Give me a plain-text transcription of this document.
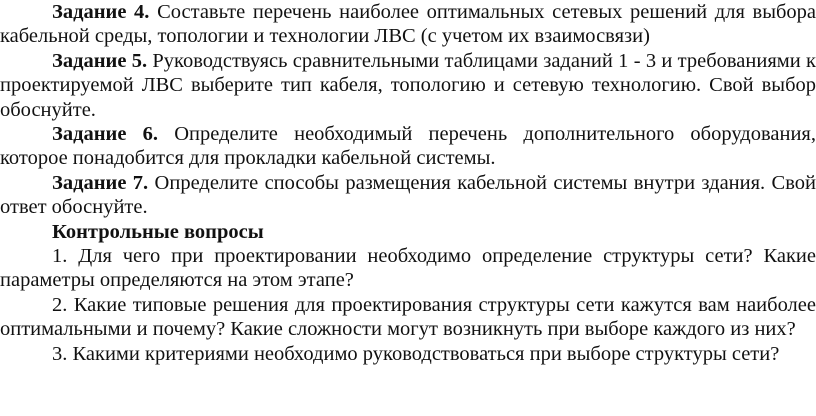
Задание 4. Составьте перечень наиболее оптимальных сетевых решений для выбора кабельной среды, топологии и технологии ЛВС (с учетом их взаимосвязи)

Задание 5. Руководствуясь сравнительными таблицами заданий 1 - 3 и требованиями к проектируемой ЛВС выберите тип кабеля, топологию и сетевую технологию. Свой выбор обоснуйте.

Задание 6. Определите необходимый перечень дополнительного оборудования, которое понадобится для прокладки кабельной системы.

Задание 7. Определите способы размещения кабельной системы внутри здания. Свой ответ обоснуйте.

Контрольные вопросы

1. Для чего при проектировании необходимо определение структуры сети? Какие параметры определяются на этом этапе?

2. Какие типовые решения для проектирования структуры сети кажутся вам наиболее оптимальными и почему? Какие сложности могут возникнуть при выборе каждого из них?

3. Какими критериями необходимо руководствоваться при выборе структуры сети?
